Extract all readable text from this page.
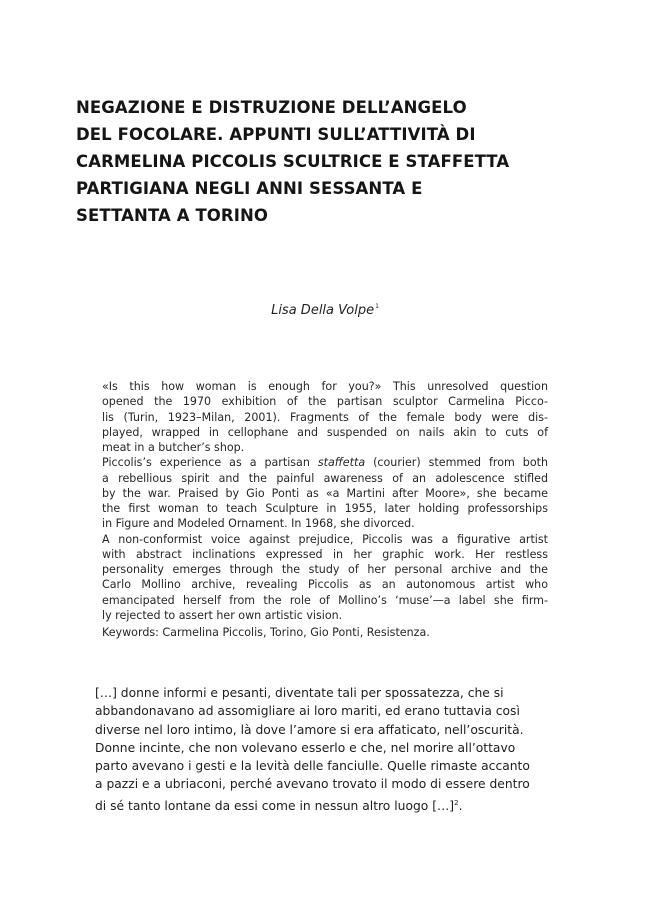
NEGAZIONE E DISTRUZIONE DELL’ANGELO
DEL FOCOLARE. APPUNTI SULL’ATTIVITÀ DI
CARMELINA PICCOLIS SCULTRICE E STAFFETTA
PARTIGIANA NEGLI ANNI SESSANTA E
SETTANTA A TORINO
Lisa Della Volpe$^1$

«Is this how woman is enough for you?» This unresolved question
opened the 1970 exhibition of the partisan sculptor Carmelina Picco-
lis (Turin, 1923–Milan, 2001). Fragments of the female body were dis-
played, wrapped in cellophane and suspended on nails akin to cuts of
meat in a butcher’s shop.

Piccolis’s experience as a partisan staffetta (courier) stemmed from both
a rebellious spirit and the painful awareness of an adolescence stifled
by the war. Praised by Gio Ponti as «a Martini after Moore», she became
the first woman to teach Sculpture in 1955, later holding professorships
in Figure and Modeled Ornament. In 1968, she divorced.

A non-conformist voice against prejudice, Piccolis was a figurative artist
with abstract inclinations expressed in her graphic work. Her restless
personality emerges through the study of her personal archive and the
Carlo Mollino archive, revealing Piccolis as an autonomous artist who
emancipated herself from the role of Mollino’s ‘muse’—a label she firm-
ly rejected to assert her own artistic vision.

Keywords: Carmelina Piccolis, Torino, Gio Ponti, Resistenza.
[…] donne informi e pesanti, diventate tali per spossatezza, che si
abbandonavano ad assomigliare ai loro mariti, ed erano tuttavia così
diverse nel loro intimo, là dove l’amore si era affaticato, nell’oscurità.
Donne incinte, che non volevano esserlo e che, nel morire all’ottavo
parto avevano i gesti e la levità delle fanciulle. Quelle rimaste accanto
a pazzi e a ubriaconi, perché avevano trovato il modo di essere dentro
di sé tanto lontane da essi come in nessun altro luogo […]$^2$.
